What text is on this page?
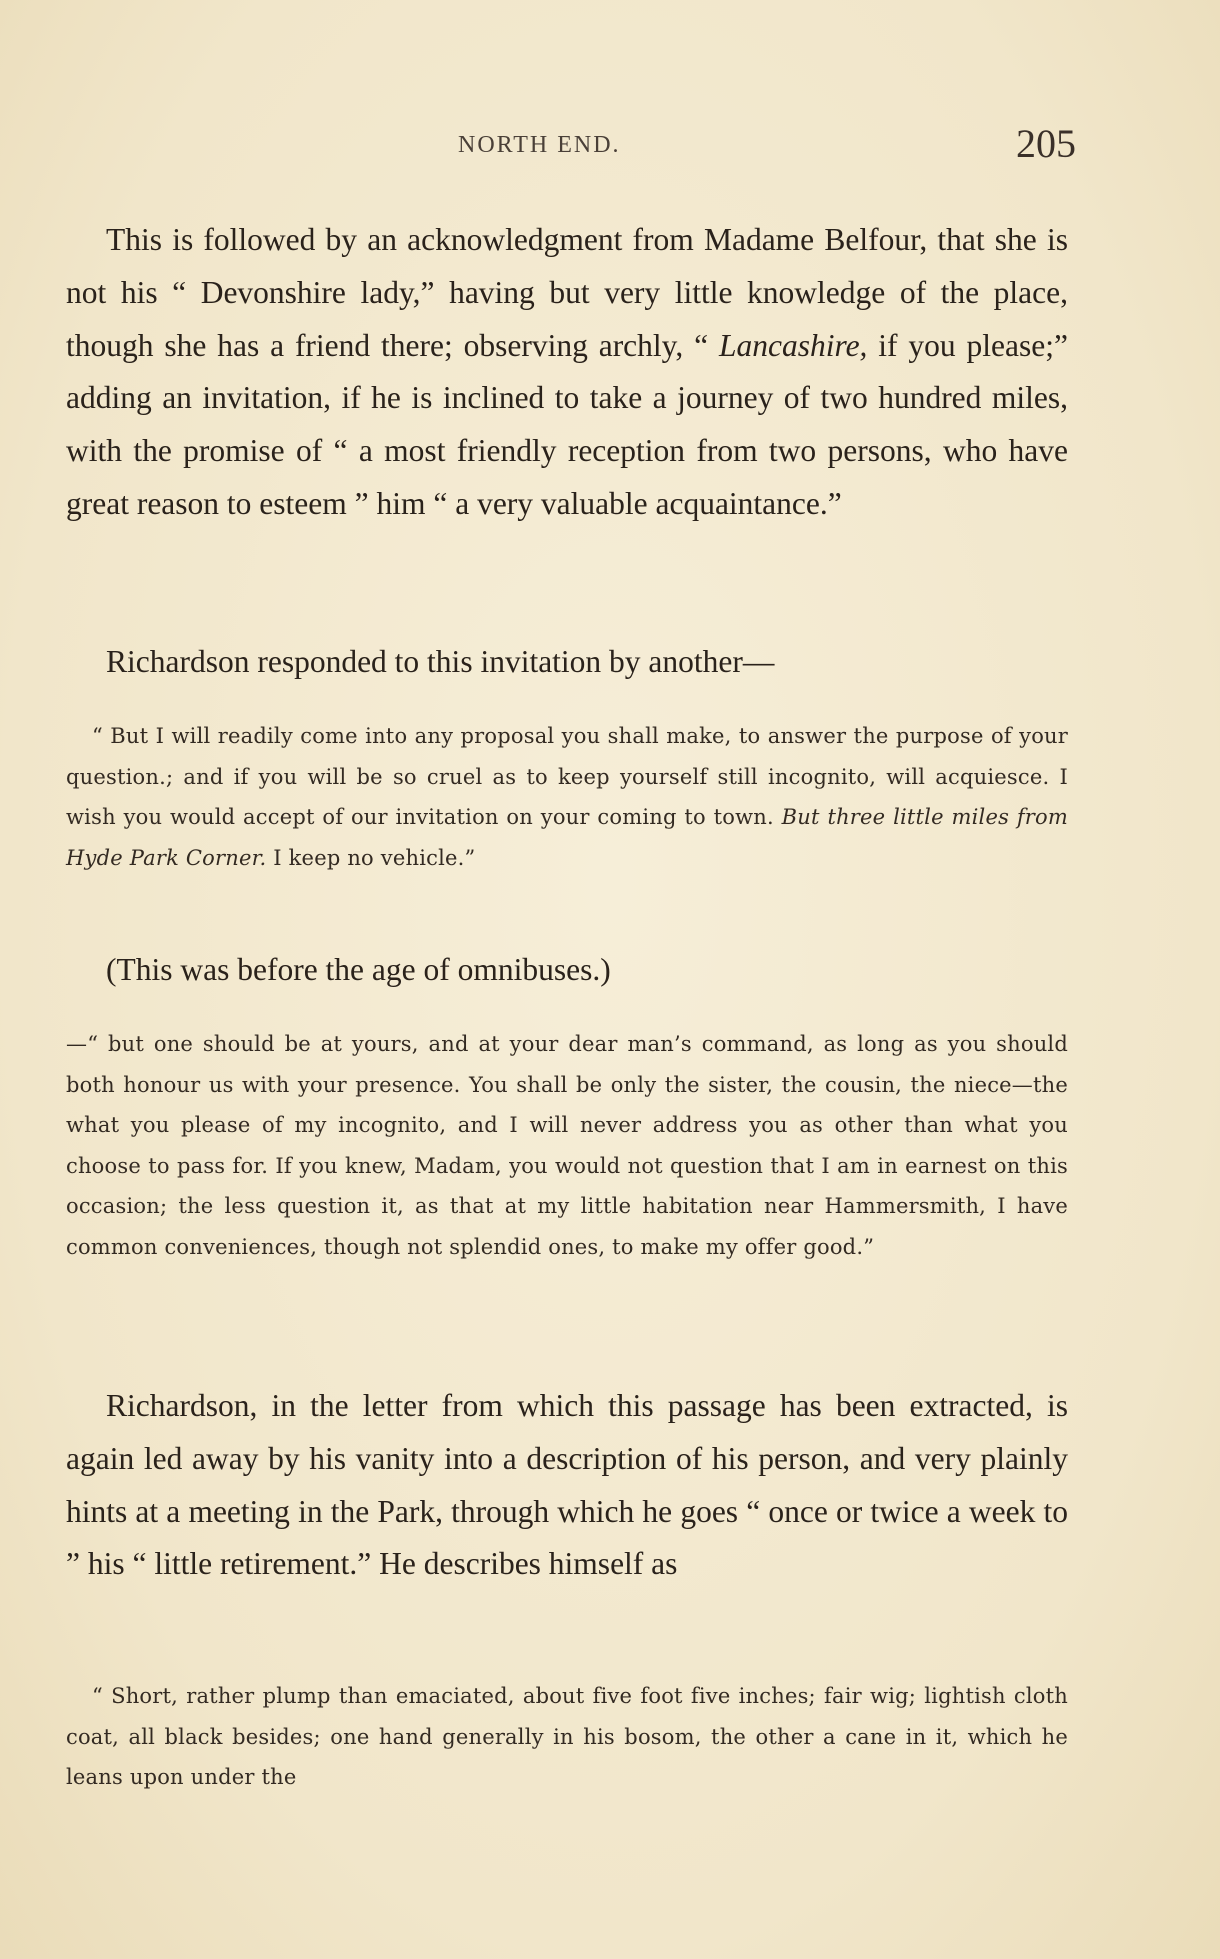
NORTH END.	205

This is followed by an acknowledgment from Madame Belfour, that she is not his “ Devonshire lady,” having but very little knowledge of the place, though she has a friend there; observing archly, “ Lancashire, if you please;” adding an invitation, if he is inclined to take a journey of two hundred miles, with the promise of “ a most friendly reception from two persons, who have great reason to esteem ” him “ a very valuable acquaintance.”

Richardson responded to this invitation by another—

“ But I will readily come into any proposal you shall make, to answer the purpose of your question.; and if you will be so cruel as to keep yourself still incognito, will acquiesce. I wish you would accept of our invitation on your coming to town. But three little miles from Hyde Park Corner. I keep no vehicle.”

(This was before the age of omnibuses.)

—“ but one should be at yours, and at your dear man’s command, as long as you should both honour us with your presence. You shall be only the sister, the cousin, the niece—the what you please of my incognito, and I will never address you as other than what you choose to pass for. If you knew, Madam, you would not question that I am in earnest on this occasion; the less question it, as that at my little habitation near Hammersmith, I have common conveniences, though not splendid ones, to make my offer good.”

Richardson, in the letter from which this passage has been extracted, is again led away by his vanity into a description of his person, and very plainly hints at a meeting in the Park, through which he goes “ once or twice a week to ” his “ little retirement.” He describes himself as

“ Short, rather plump than emaciated, about five foot five inches; fair wig; lightish cloth coat, all black besides; one hand generally in his bosom, the other a cane in it, which he leans upon under the
